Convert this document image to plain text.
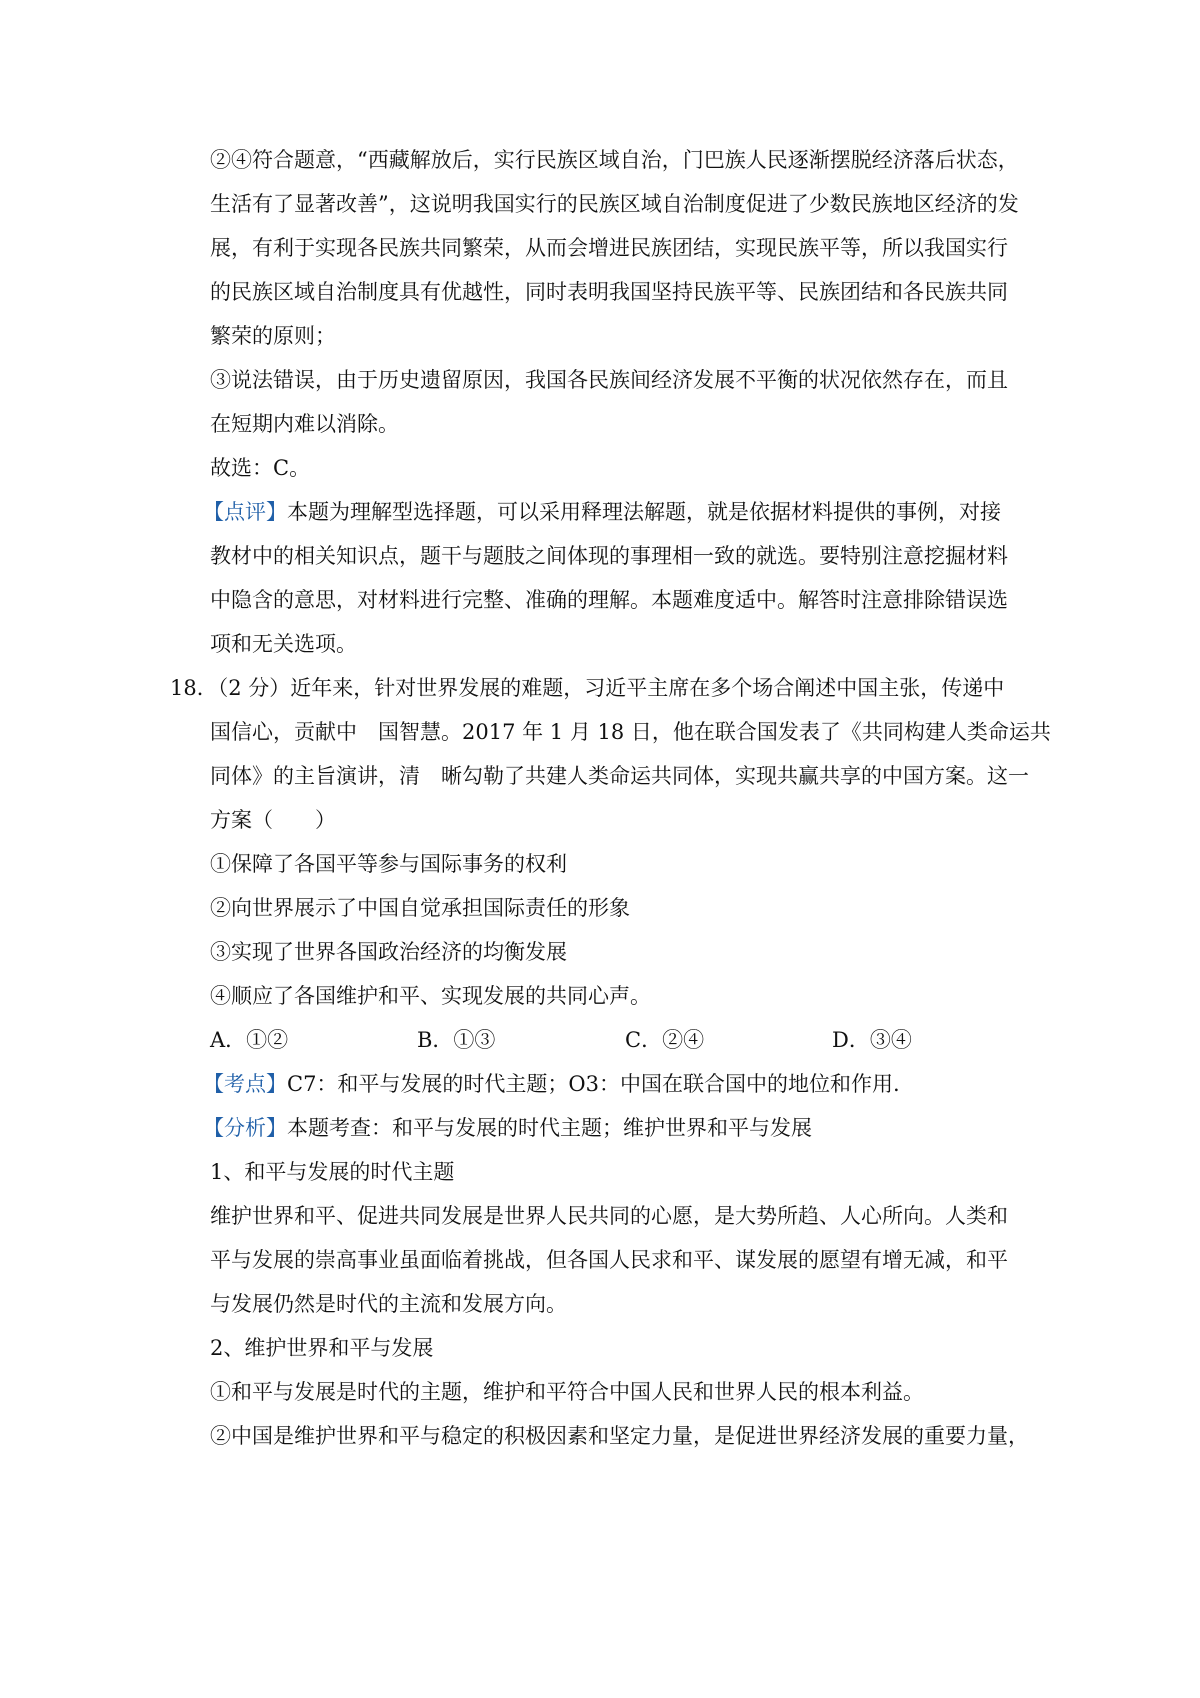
②④符合题意，“西藏解放后，实行民族区域自治，门巴族人民逐渐摆脱经济落后状态，
生活有了显著改善”，这说明我国实行的民族区域自治制度促进了少数民族地区经济的发
展，有利于实现各民族共同繁荣，从而会增进民族团结，实现民族平等，所以我国实行
的民族区域自治制度具有优越性，同时表明我国坚持民族平等、民族团结和各民族共同
繁荣的原则；
③说法错误，由于历史遗留原因，我国各民族间经济发展不平衡的状况依然存在，而且
在短期内难以消除。
故选：C。
【点评】本题为理解型选择题，可以采用释理法解题，就是依据材料提供的事例，对接
教材中的相关知识点，题干与题肢之间体现的事理相一致的就选。要特别注意挖掘材料
中隐含的意思，对材料进行完整、准确的理解。本题难度适中。解答时注意排除错误选
项和无关选项。
18．（2 分）近年来，针对世界发展的难题，习近平主席在多个场合阐述中国主张，传递中
国信心，贡献中　国智慧。2017 年 1 月 18 日，他在联合国发表了《共同构建人类命运共
同体》的主旨演讲，清　晰勾勒了共建人类命运共同体，实现共赢共享的中国方案。这一
方案（　　）
①保障了各国平等参与国际事务的权利
②向世界展示了中国自觉承担国际责任的形象
③实现了世界各国政治经济的均衡发展
④顺应了各国维护和平、实现发展的共同心声。
A．①②	B．①③	C．②④	D．③④
【考点】C7：和平与发展的时代主题；O3：中国在联合国中的地位和作用.
【分析】本题考查：和平与发展的时代主题；维护世界和平与发展
1、和平与发展的时代主题
维护世界和平、促进共同发展是世界人民共同的心愿，是大势所趋、人心所向。人类和
平与发展的崇高事业虽面临着挑战，但各国人民求和平、谋发展的愿望有增无减，和平
与发展仍然是时代的主流和发展方向。
2、维护世界和平与发展
①和平与发展是时代的主题，维护和平符合中国人民和世界人民的根本利益。
②中国是维护世界和平与稳定的积极因素和坚定力量，是促进世界经济发展的重要力量，
